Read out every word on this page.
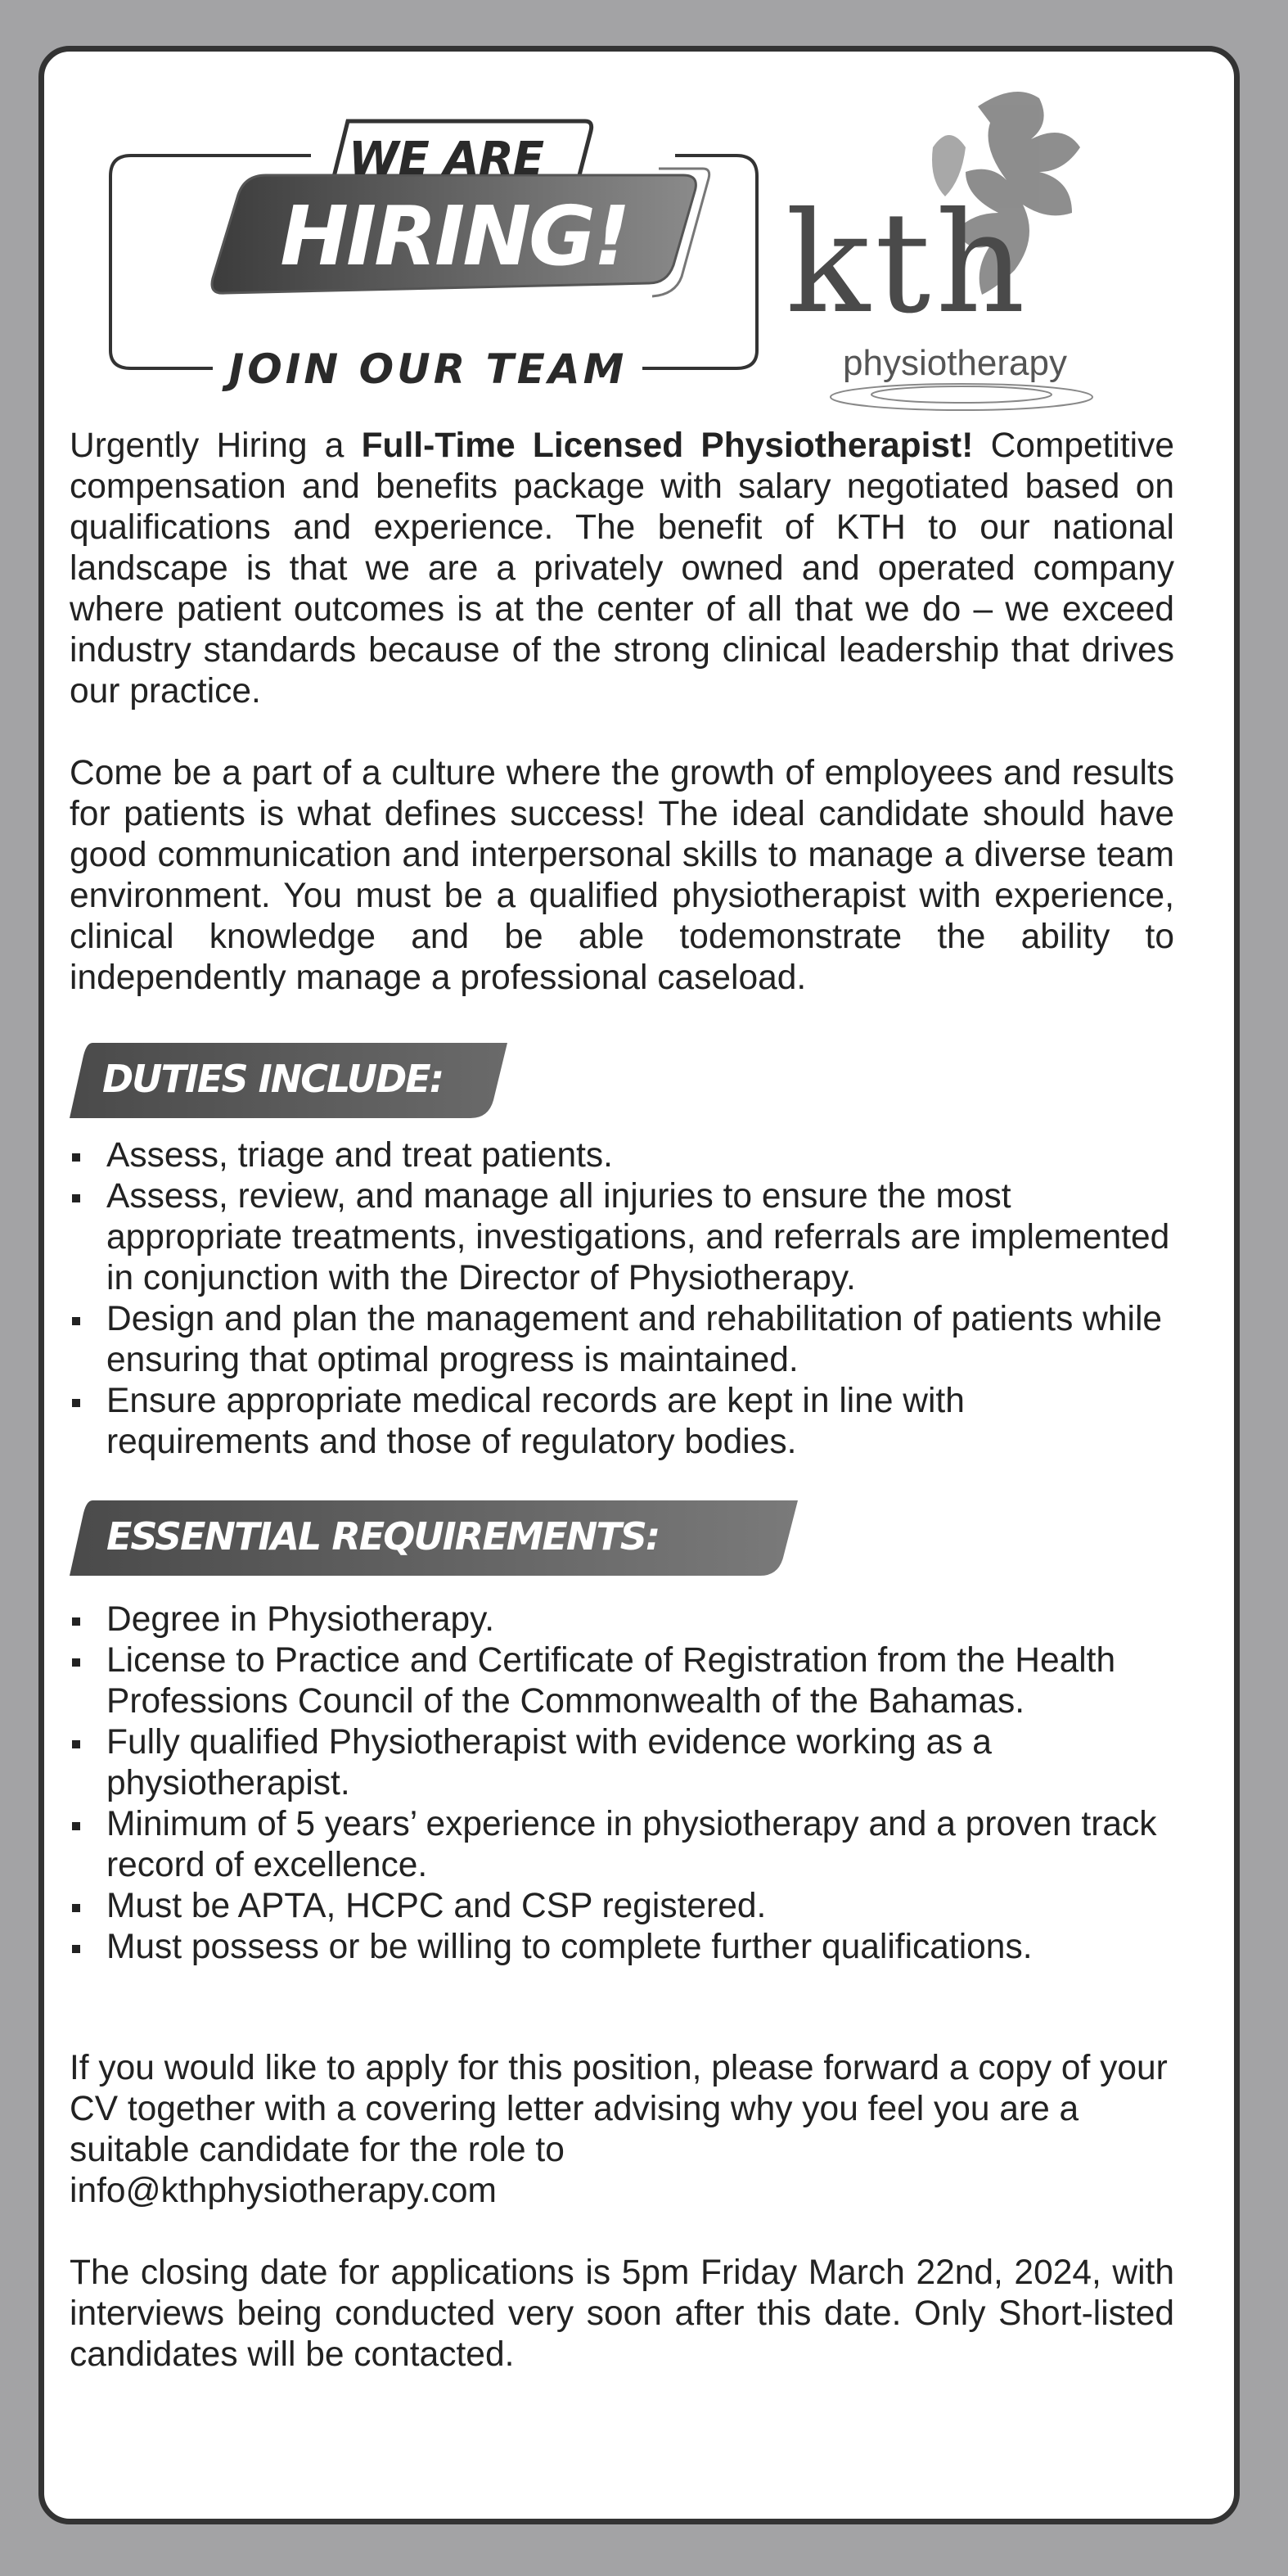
WE ARE
HIRING!
JOIN OUR TEAM
kth
physiotherapy

Urgently Hiring a Full-Time Licensed Physiotherapist! Competitive compensation and benefits package with salary negotiated based on qualifications and experience. The benefit of KTH to our national landscape is that we are a privately owned and operated company where patient outcomes is at the center of all that we do – we exceed industry standards because of the strong clinical leadership that drives our practice.

Come be a part of a culture where the growth of employees and results for patients is what defines success! The ideal candidate should have good communication and interpersonal skills to manage a diverse team environment. You must be a qualified physiotherapist with experience, clinical knowledge and be able todemonstrate the ability to independently manage a professional caseload.

DUTIES INCLUDE:
Assess, triage and treat patients.
Assess, review, and manage all injuries to ensure the most appropriate treatments, investigations, and referrals are implemented in conjunction with the Director of Physiotherapy.
Design and plan the management and rehabilitation of patients while ensuring that optimal progress is maintained.
Ensure appropriate medical records are kept in line with requirements and those of regulatory bodies.
ESSENTIAL REQUIREMENTS:
Degree in Physiotherapy.
License to Practice and Certificate of Registration from the Health Professions Council of the Commonwealth of the Bahamas.
Fully qualified Physiotherapist with evidence working as a physiotherapist.
Minimum of 5 years’ experience in physiotherapy and a proven track record of excellence.
Must be APTA, HCPC and CSP registered.
Must possess or be willing to complete further qualifications.

If you would like to apply for this position, please forward a copy of your CV together with a covering letter advising why you feel you are a suitable candidate for the role to
info@kthphysiotherapy.com

The closing date for applications is 5pm Friday March 22nd, 2024, with interviews being conducted very soon after this date. Only Short-listed candidates will be contacted.
